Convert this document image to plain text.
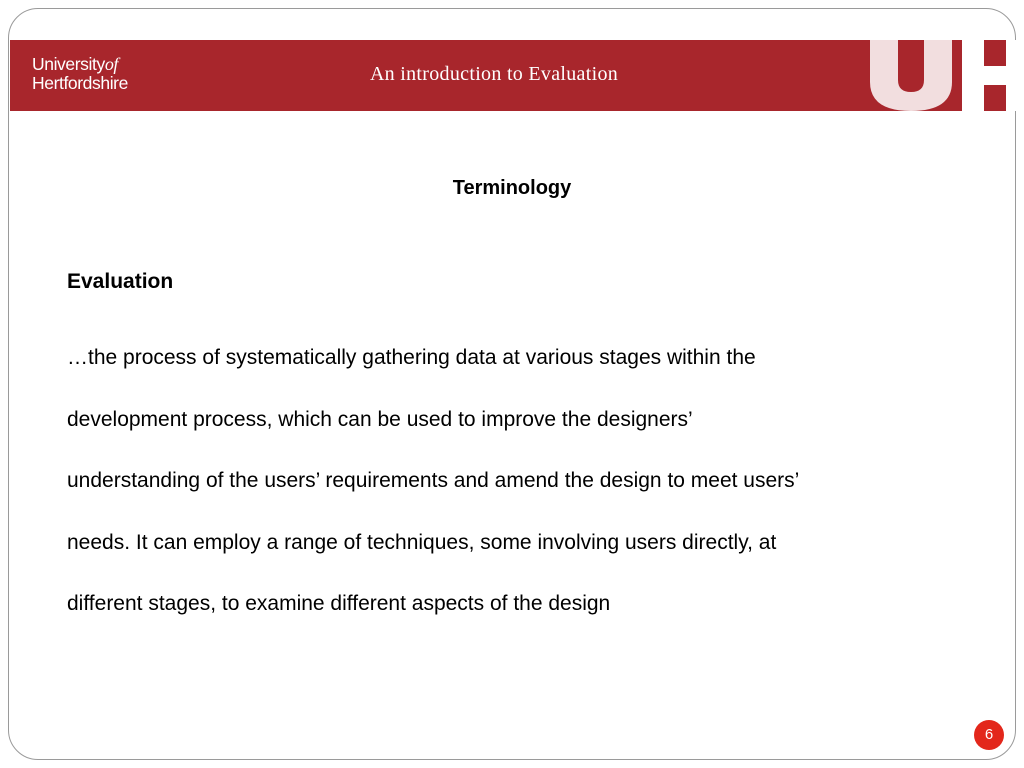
Universityof
Hertfordshire	An introduction to Evaluation
Terminology
Evaluation
…the process of systematically gathering data at various stages within the
development process, which can be used to improve the designers’
understanding of the users’ requirements and amend the design to meet users’
needs. It can employ a range of techniques, some involving users directly, at
different stages, to examine different aspects of the design
6
